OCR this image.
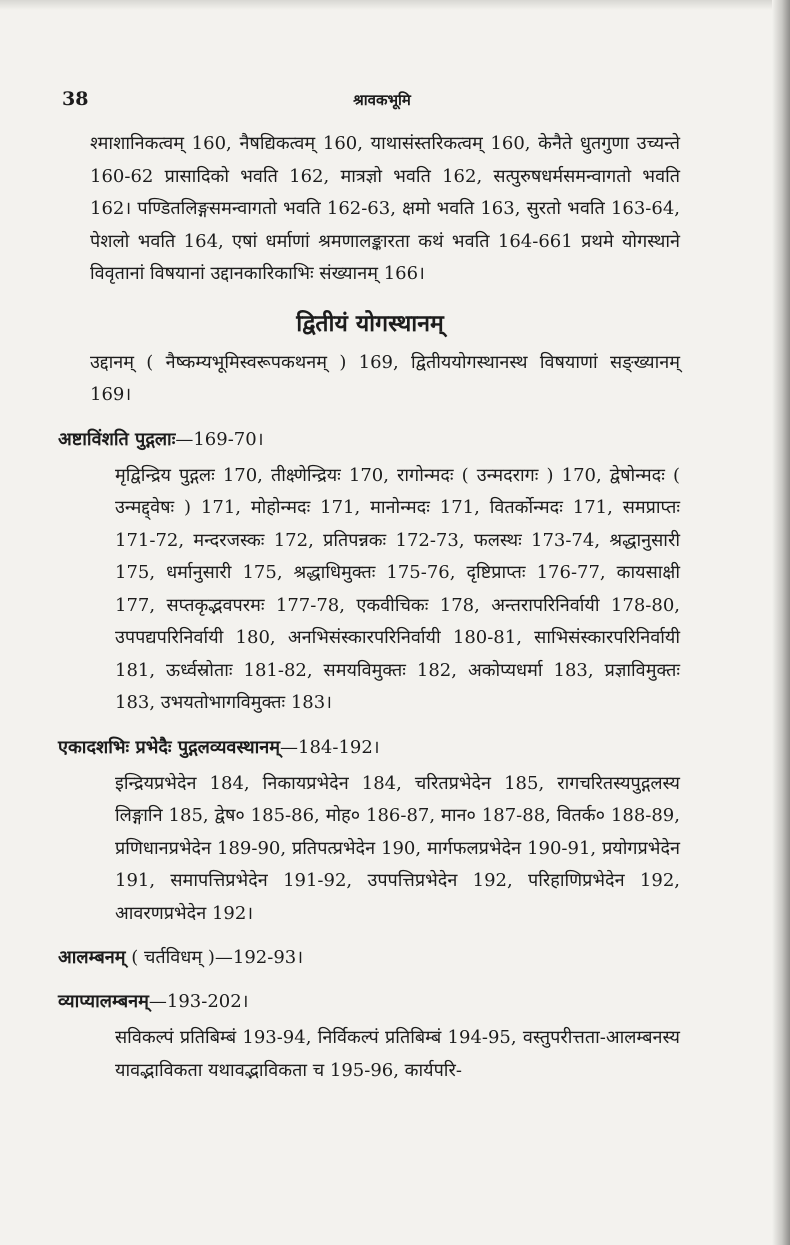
38	श्रावकभूमि

श्माशानिकत्वम् 160, नैषद्यिकत्वम् 160, याथासंस्तरिकत्वम् 160, केनैते धुतगुणा उच्यन्ते 160-62 प्रासादिको भवति 162, मात्रज्ञो भवति 162, सत्पुरुषधर्मसमन्वागतो भवति 162। पण्डितलिङ्गसमन्वागतो भवति 162-63, क्षमो भवति 163, सुरतो भवति 163-64, पेशलो भवति 164, एषां धर्माणां श्रमणालङ्कारता कथं भवति 164-661 प्रथमे योगस्थाने विवृतानां विषयानां उद्दानकारिकाभिः संख्यानम् 166।

द्वितीयं योगस्थानम्

उद्दानम् ( नैष्कम्यभूमिस्वरूपकथनम् ) 169, द्वितीययोगस्थानस्थ विषयाणां सङ्ख्यानम् 169।

अष्टाविंशति पुद्गलाः—169-70।

मृद्विन्द्रिय पुद्गलः 170, तीक्ष्णेन्द्रियः 170, रागोन्मदः ( उन्मदरागः ) 170, द्वेषोन्मदः ( उन्मद्द्वेषः ) 171, मोहोन्मदः 171, मानोन्मदः 171, वितर्कोन्मदः 171, समप्राप्तः 171-72, मन्दरजस्कः 172, प्रतिपन्नकः 172-73, फलस्थः 173-74, श्रद्धानुसारी 175, धर्मानुसारी 175, श्रद्धाधिमुक्तः 175-76, दृष्टिप्राप्तः 176-77, कायसाक्षी 177, सप्तकृद्भवपरमः 177-78, एकवीचिकः 178, अन्तरापरिनिर्वायी 178-80, उपपद्यपरिनिर्वायी 180, अनभिसंस्कारपरिनिर्वायी 180-81, साभिसंस्कारपरिनिर्वायी 181, ऊर्ध्वस्रोताः 181-82, समयविमुक्तः 182, अकोप्यधर्मा 183, प्रज्ञाविमुक्तः 183, उभयतोभागविमुक्तः 183।

एकादशभिः प्रभेदैः पुद्गलव्यवस्थानम्—184-192।

इन्द्रियप्रभेदेन 184, निकायप्रभेदेन 184, चरितप्रभेदेन 185, रागचरितस्यपुद्गलस्य लिङ्गानि 185, द्वेष० 185-86, मोह० 186-87, मान० 187-88, वितर्क० 188-89, प्रणिधानप्रभेदेन 189-90, प्रतिपत्प्रभेदेन 190, मार्गफलप्रभेदेन 190-91, प्रयोगप्रभेदेन 191, समापत्तिप्रभेदेन 191-92, उपपत्तिप्रभेदेन 192, परिहाणिप्रभेदेन 192, आवरणप्रभेदेन 192।

आलम्बनम् ( चर्तविधम् )—192-93।
व्याप्यालम्बनम्—193-202।

सविकल्पं प्रतिबिम्बं 193-94, निर्विकल्पं प्रतिबिम्बं 194-95, वस्तुपरीत्तता-आलम्बनस्य यावद्भाविकता यथावद्भाविकता च 195-96, कार्यपरि-
